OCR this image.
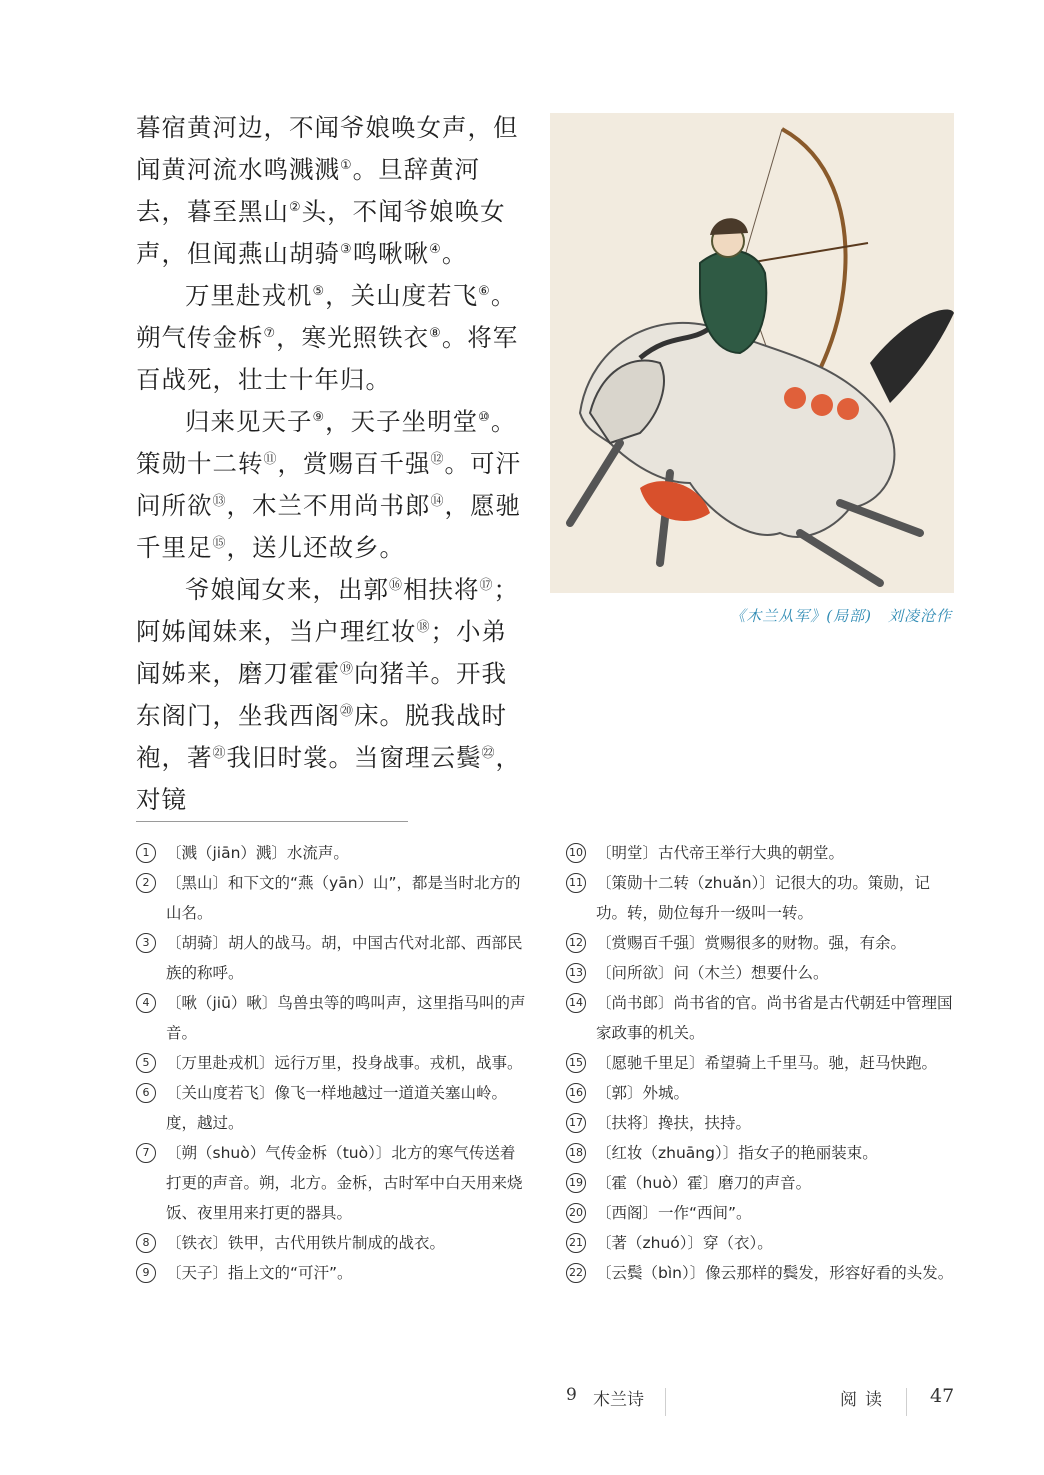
暮宿黄河边，不闻爷娘唤女声，但闻黄河流水鸣溅溅①。旦辞黄河去，暮至黑山②头，不闻爷娘唤女声，但闻燕山胡骑③鸣啾啾④。

万里赴戎机⑤，关山度若飞⑥。朔气传金柝⑦，寒光照铁衣⑧。将军百战死，壮士十年归。

归来见天子⑨，天子坐明堂⑩。策勋十二转⑪，赏赐百千强⑫。可汗问所欲⑬，木兰不用尚书郎⑭，愿驰千里足⑮，送儿还故乡。

爷娘闻女来，出郭⑯相扶将⑰；阿姊闻妹来，当户理红妆⑱；小弟闻姊来，磨刀霍霍⑲向猪羊。开我东阁门，坐我西阁⑳床。脱我战时袍，著$^㉑$我旧时裳。当窗理云鬓$^㉒$，对镜

《木兰从军》(局部)　刘凌沧作
1	〔溅（jiān）溅〕水流声。
2	〔黑山〕和下文的“燕（yān）山”，都是当时北方的山名。
3	〔胡骑〕胡人的战马。胡，中国古代对北部、西部民族的称呼。
4	〔啾（jiū）啾〕鸟兽虫等的鸣叫声，这里指马叫的声音。
5	〔万里赴戎机〕远行万里，投身战事。戎机，战事。
6	〔关山度若飞〕像飞一样地越过一道道关塞山岭。度，越过。
7	〔朔（shuò）气传金柝（tuò）〕北方的寒气传送着打更的声音。朔，北方。金柝，古时军中白天用来烧饭、夜里用来打更的器具。
8	〔铁衣〕铁甲，古代用铁片制成的战衣。
9	〔天子〕指上文的“可汗”。
10 〔明堂〕古代帝王举行大典的朝堂。
11 〔策勋十二转（zhuǎn）〕记很大的功。策勋，记功。转，勋位每升一级叫一转。
12 〔赏赐百千强〕赏赐很多的财物。强，有余。
13 〔问所欲〕问（木兰）想要什么。
14 〔尚书郎〕尚书省的官。尚书省是古代朝廷中管理国家政事的机关。
15 〔愿驰千里足〕希望骑上千里马。驰，赶马快跑。
16 〔郭〕外城。
17 〔扶将〕搀扶，扶持。
18 〔红妆（zhuāng）〕指女子的艳丽装束。
19 〔霍（huò）霍〕磨刀的声音。
20 〔西阁〕一作“西间”。
21 〔著（zhuó）〕穿（衣）。
22 〔云鬓（bìn）〕像云那样的鬓发，形容好看的头发。
9 木兰诗	阅读 47
